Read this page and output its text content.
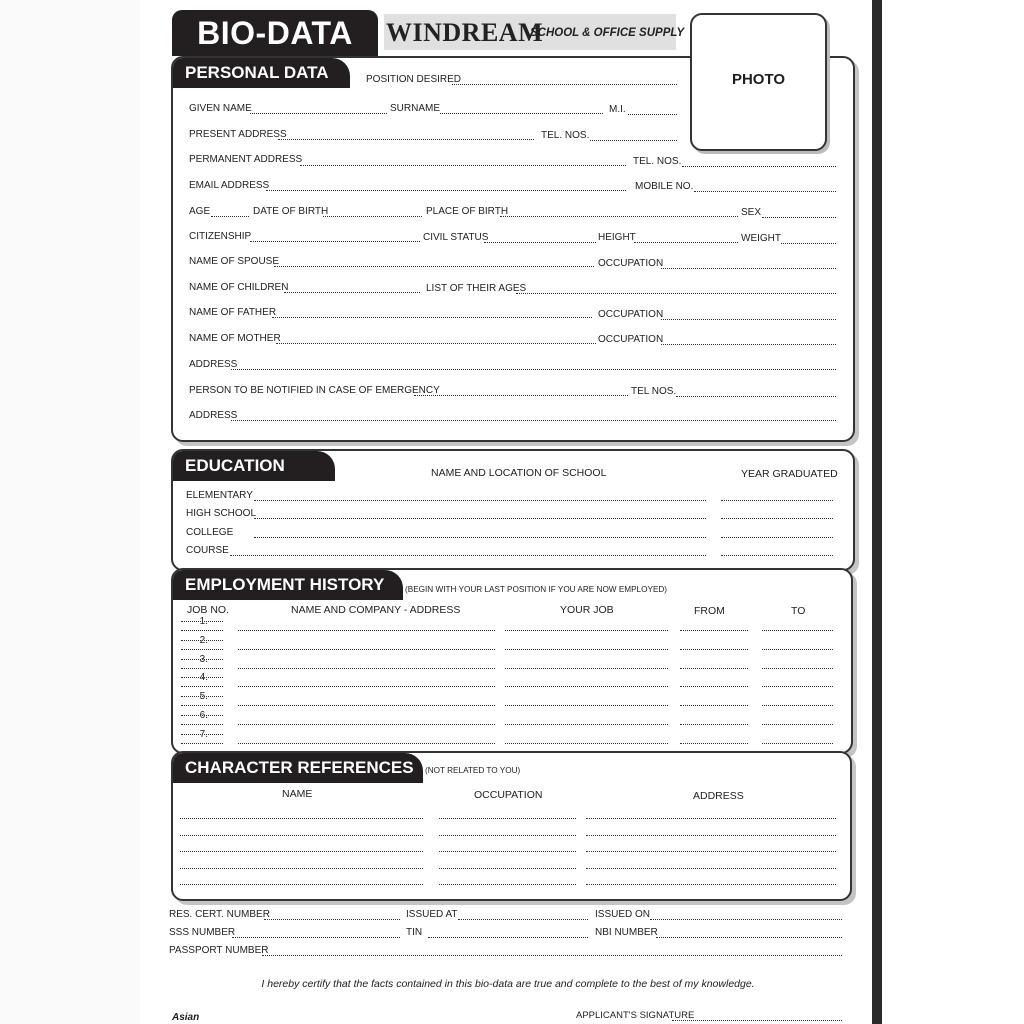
BIO-DATA	WINDREAM
SCHOOL & OFFICE SUPPLY
PHOTO
PERSONAL DATA	POSITION DESIRED
GIVEN NAME	SURNAME	M.I.
PRESENT ADDRESS	TEL. NOS.
PERMANENT ADDRESS	TEL. NOS.
EMAIL ADDRESS	MOBILE NO.
AGE	DATE OF BIRTH	PLACE OF BIRTH	SEX
CITIZENSHIP	CIVIL STATUS	HEIGHT	WEIGHT
NAME OF SPOUSE	OCCUPATION
NAME OF CHILDREN	LIST OF THEIR AGES
NAME OF FATHER	OCCUPATION
NAME OF MOTHER	OCCUPATION
ADDRESS
PERSON TO BE NOTIFIED IN CASE OF EMERGENCY	TEL NOS.
ADDRESS
EDUCATION	NAME AND LOCATION OF SCHOOL	YEAR GRADUATED
ELEMENTARY
HIGH SCHOOL
COLLEGE
COURSE
EMPLOYMENT HISTORY	(BEGIN WITH YOUR LAST POSITION IF YOU ARE NOW EMPLOYED)
JOB NO.	NAME AND COMPANY - ADDRESS	YOUR JOB	FROM	TO
1.
2.
3.
4.
5.
6.
7.
CHARACTER REFERENCES	(NOT RELATED TO YOU)
NAME	OCCUPATION	ADDRESS
RES. CERT. NUMBER	ISSUED AT	ISSUED ON
SSS NUMBER	TIN	NBI NUMBER
PASSPORT NUMBER
I hereby certify that the facts contained in this bio-data are true and complete to the best of my knowledge.
Asian	APPLICANT'S SIGNATURE
